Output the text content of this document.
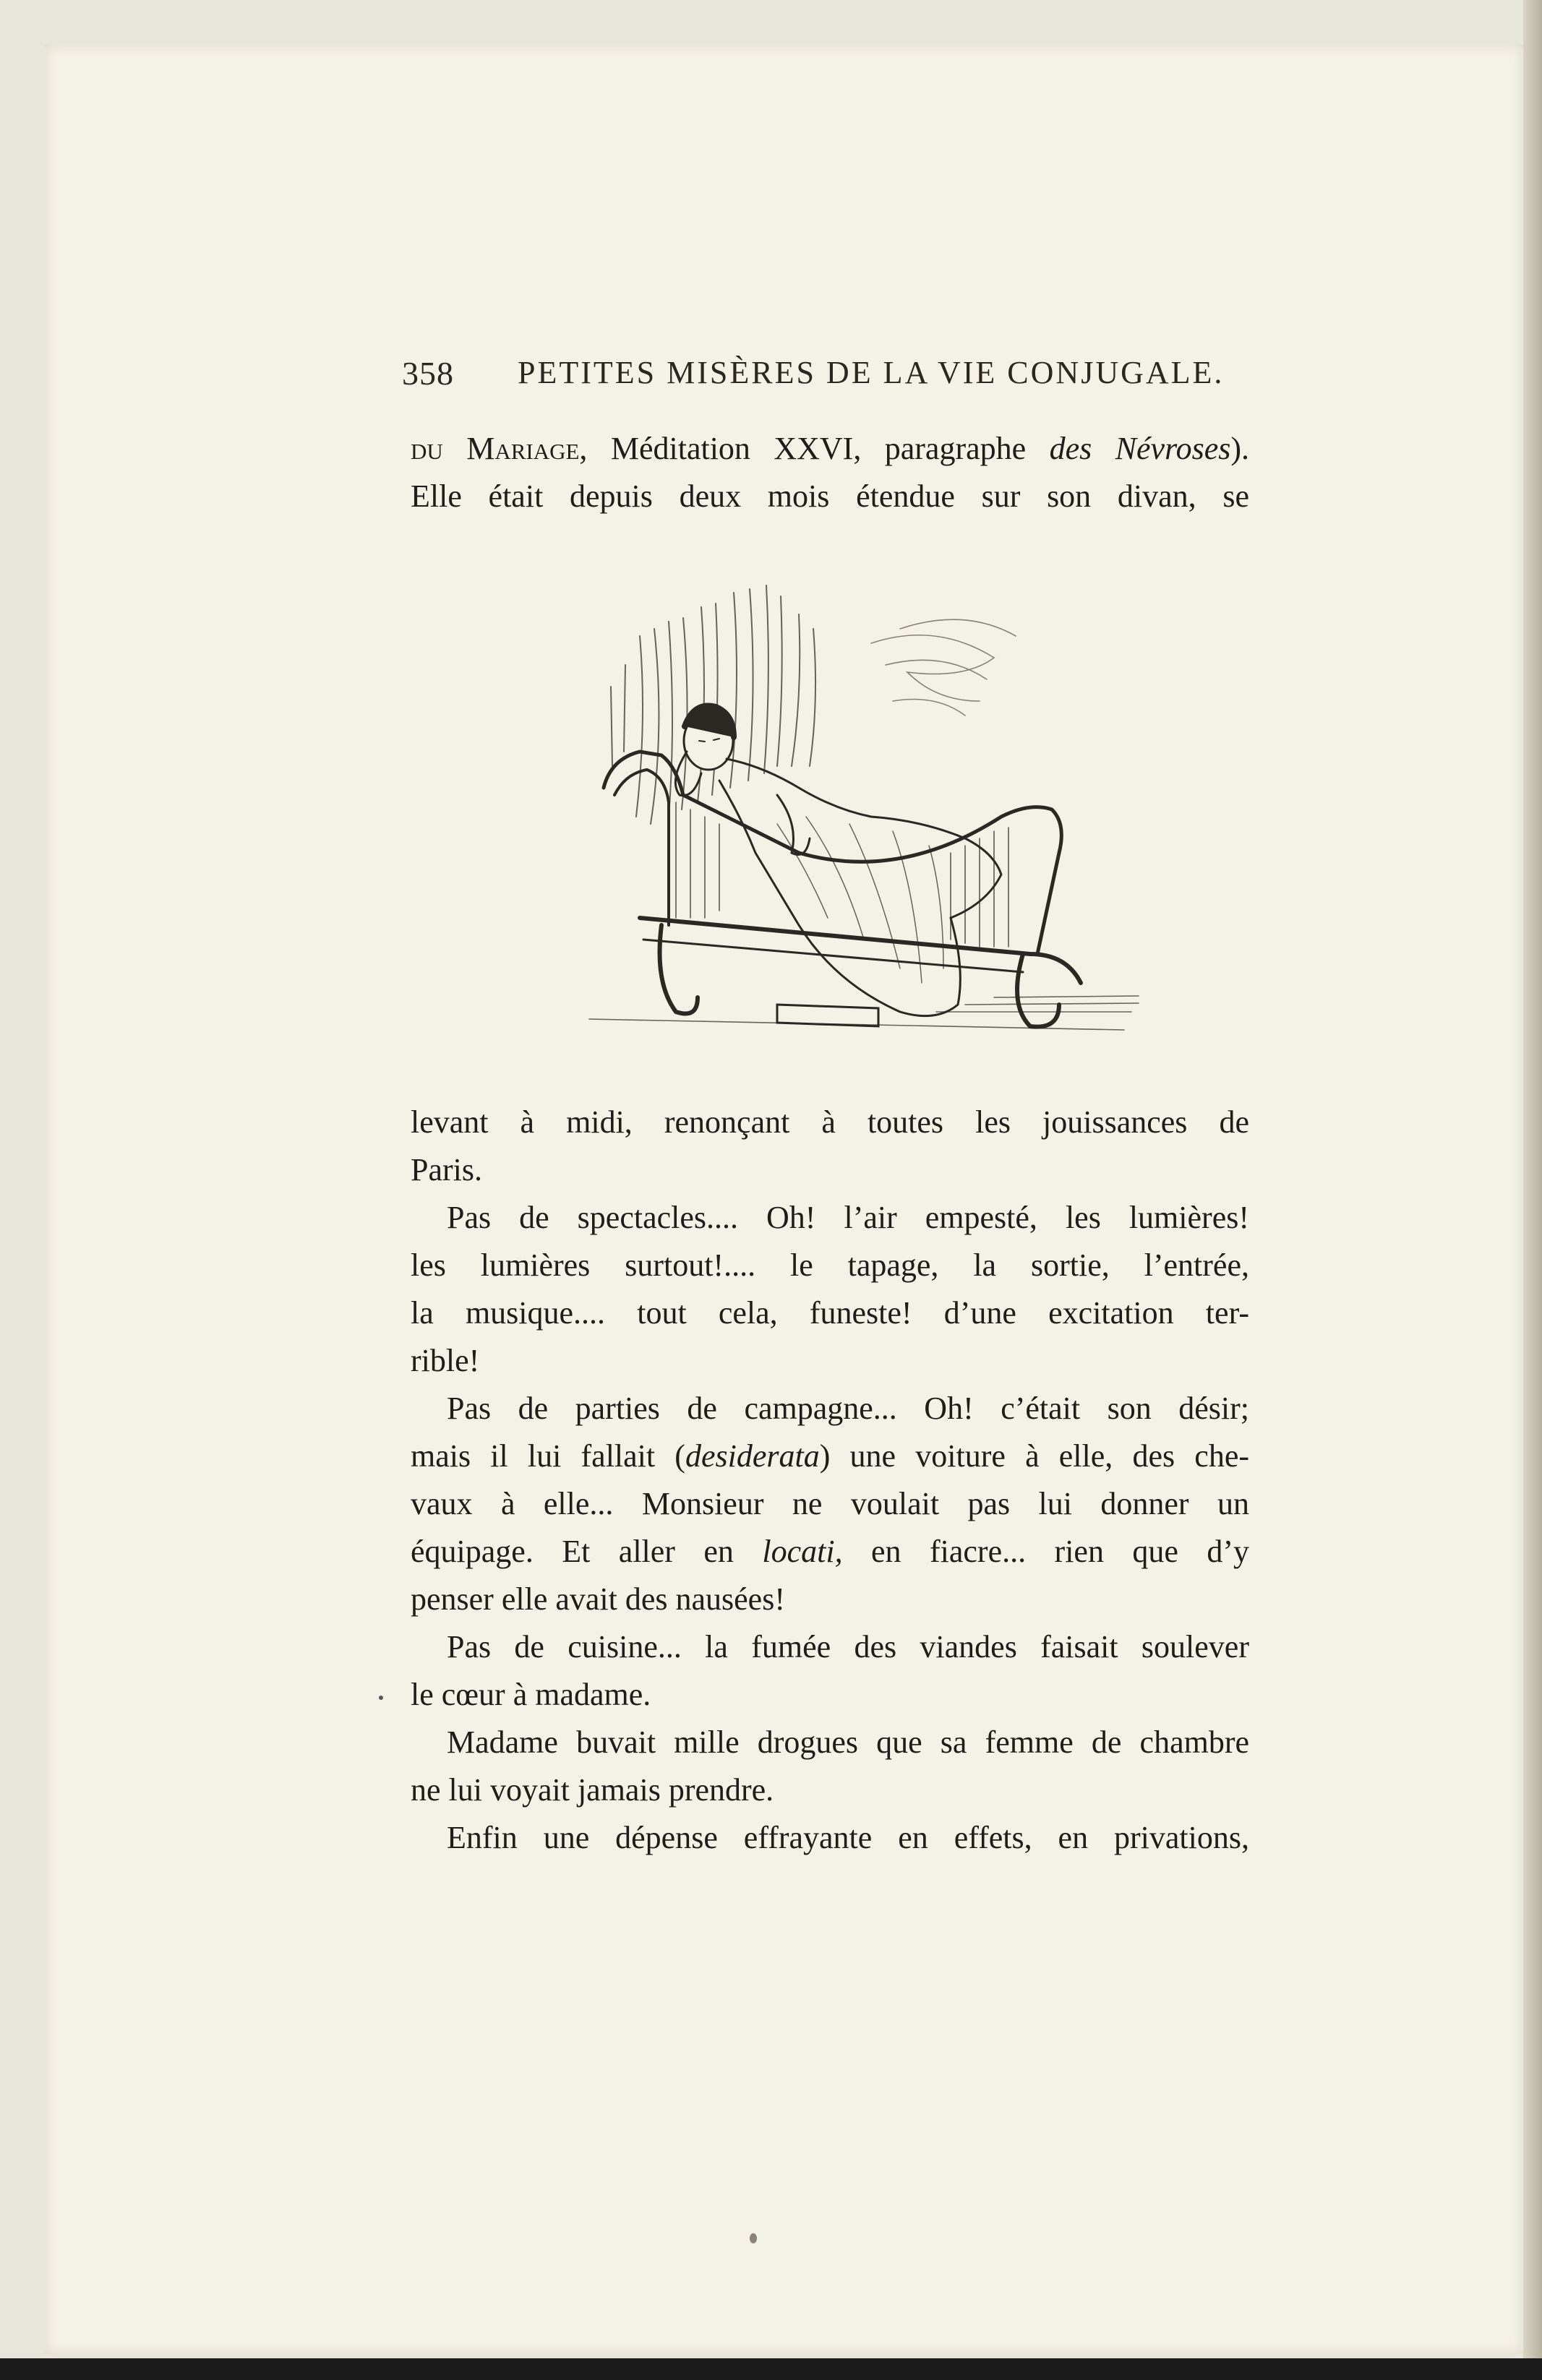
358 PETITES MISÈRES DE LA VIE CONJUGALE.
du Mariage, Méditation XXVI, paragraphe des Névroses).
Elle était depuis deux mois étendue sur son divan, se
levant à midi, renonçant à toutes les jouissances de
Paris.
Pas de spectacles.... Oh! l’air empesté, les lumières!
les lumières surtout!.... le tapage, la sortie, l’entrée,
la musique.... tout cela, funeste! d’une excitation ter-
rible!
Pas de parties de campagne... Oh! c’était son désir;
mais il lui fallait (desiderata) une voiture à elle, des che-
vaux à elle... Monsieur ne voulait pas lui donner un
équipage. Et aller en locati, en fiacre... rien que d’y
penser elle avait des nausées!
Pas de cuisine... la fumée des viandes faisait soulever
le cœur à madame.
Madame buvait mille drogues que sa femme de chambre
ne lui voyait jamais prendre.
Enfin une dépense effrayante en effets, en privations,
